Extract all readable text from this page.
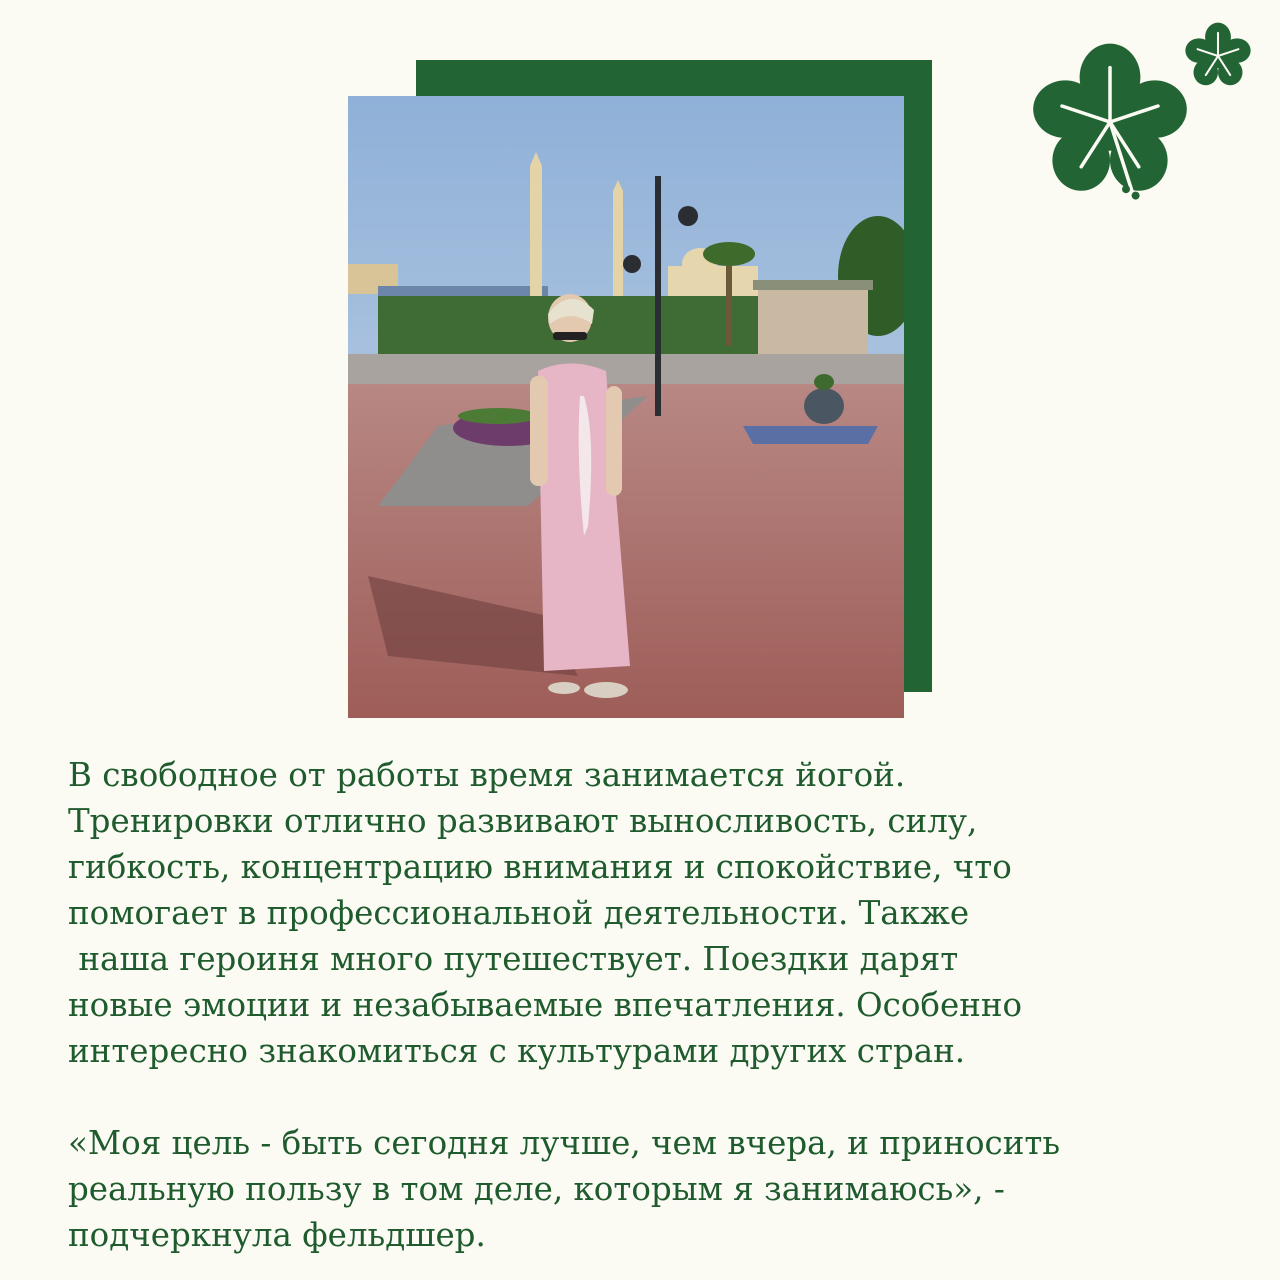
В свободное от работы время занимается йогой.
Тренировки отлично развивают выносливость, силу,
гибкость, концентрацию внимания и спокойствие, что
помогает в профессиональной деятельности. Также
наша героиня много путешествует. Поездки дарят
новые эмоции и незабываемые впечатления. Особенно
интересно знакомиться с культурами других стран.

«Моя цель - быть сегодня лучше, чем вчера, и приносить
реальную пользу в том деле, которым я занимаюсь», -
подчеркнула фельдшер.
